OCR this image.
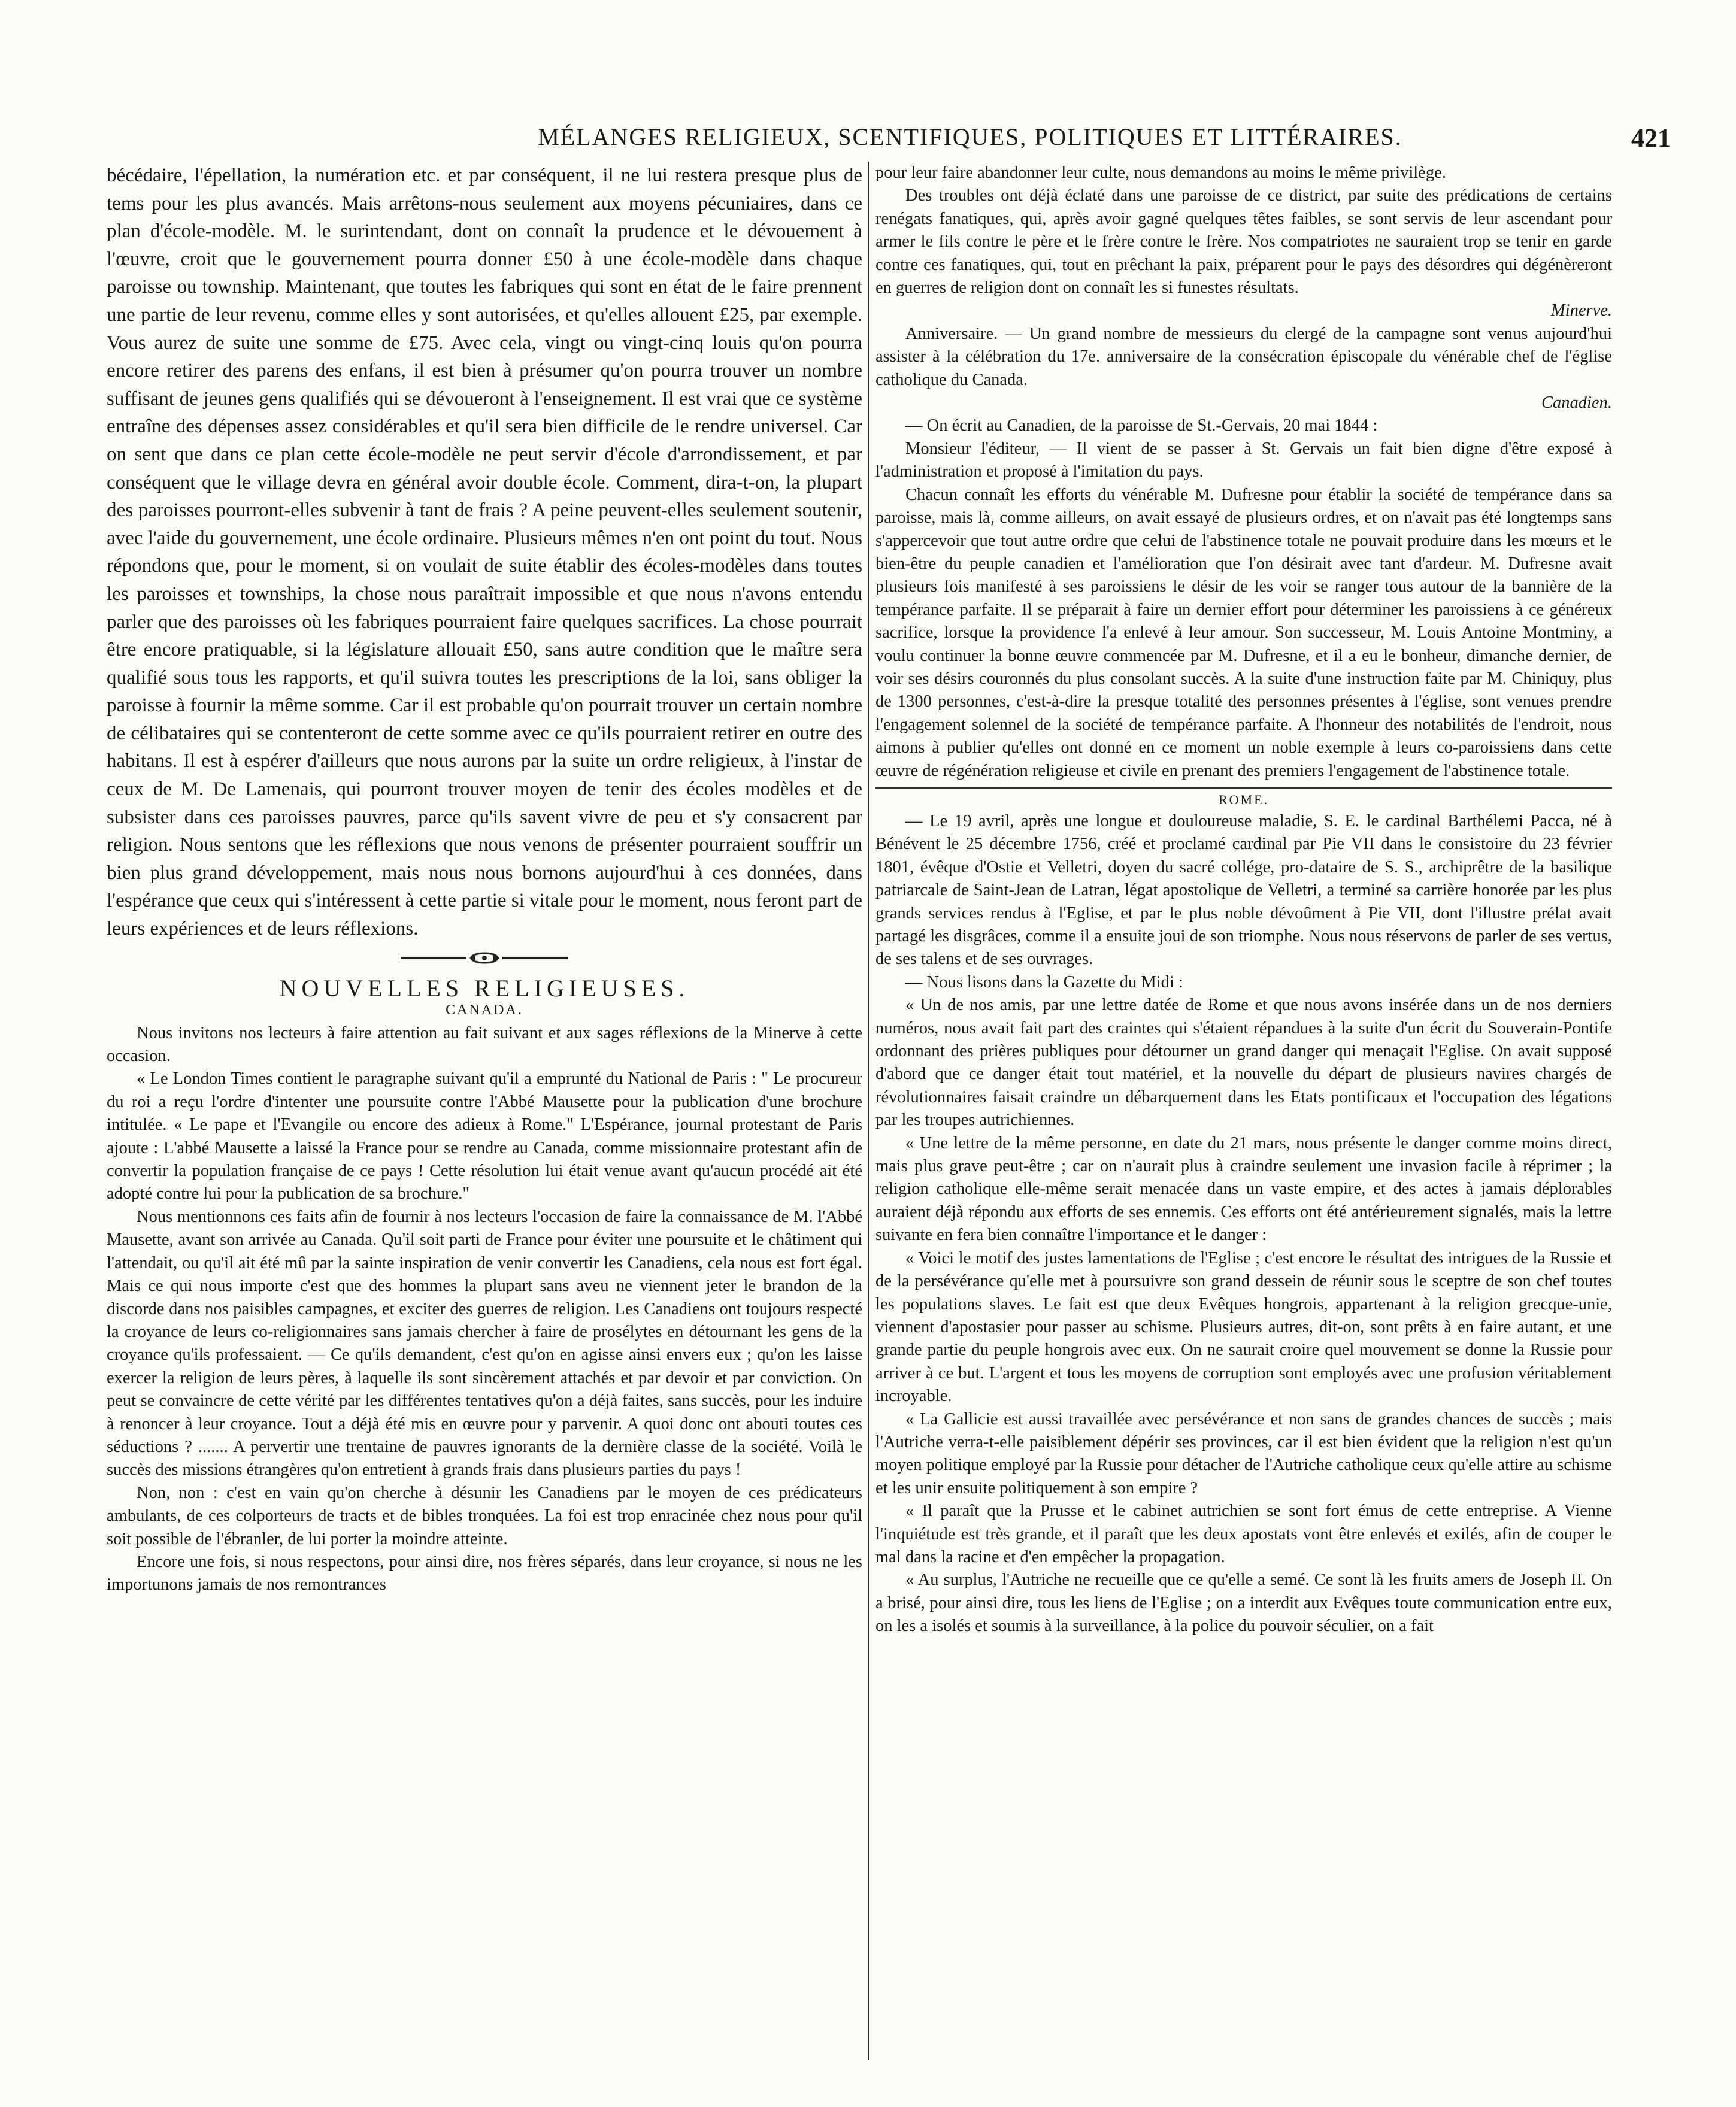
MÉLANGES RELIGIEUX, SCENTIFIQUES, POLITIQUES ET LITTÉRAIRES.	421

bécédaire, l'épellation, la numération etc. et par conséquent, il ne lui restera presque plus de tems pour les plus avancés. Mais arrêtons-nous seulement aux moyens pécuniaires, dans ce plan d'école-modèle. M. le surintendant, dont on connaît la prudence et le dévouement à l'œuvre, croit que le gouvernement pourra donner £50 à une école-modèle dans chaque paroisse ou township. Maintenant, que toutes les fabriques qui sont en état de le faire prennent une partie de leur revenu, comme elles y sont autorisées, et qu'elles allouent £25, par exemple. Vous aurez de suite une somme de £75. Avec cela, vingt ou vingt-cinq louis qu'on pourra encore retirer des parens des enfans, il est bien à présumer qu'on pourra trouver un nombre suffisant de jeunes gens qualifiés qui se dévoueront à l'enseignement. Il est vrai que ce système entraîne des dépenses assez considérables et qu'il sera bien difficile de le rendre universel. Car on sent que dans ce plan cette école-modèle ne peut servir d'école d'arrondissement, et par conséquent que le village devra en général avoir double école. Comment, dira-t-on, la plupart des paroisses pourront-elles subvenir à tant de frais ? A peine peuvent-elles seulement soutenir, avec l'aide du gouvernement, une école ordinaire. Plusieurs mêmes n'en ont point du tout. Nous répondons que, pour le moment, si on voulait de suite établir des écoles-modèles dans toutes les paroisses et townships, la chose nous paraîtrait impossible et que nous n'avons entendu parler que des paroisses où les fabriques pourraient faire quelques sacrifices. La chose pourrait être encore pratiquable, si la législature allouait £50, sans autre condition que le maître sera qualifié sous tous les rapports, et qu'il suivra toutes les prescriptions de la loi, sans obliger la paroisse à fournir la même somme. Car il est probable qu'on pourrait trouver un certain nombre de célibataires qui se contenteront de cette somme avec ce qu'ils pourraient retirer en outre des habitans. Il est à espérer d'ailleurs que nous aurons par la suite un ordre religieux, à l'instar de ceux de M. De Lamenais, qui pourront trouver moyen de tenir des écoles modèles et de subsister dans ces paroisses pauvres, parce qu'ils savent vivre de peu et s'y consacrent par religion. Nous sentons que les réflexions que nous venons de présenter pourraient souffrir un bien plus grand développement, mais nous nous bornons aujourd'hui à ces données, dans l'espérance que ceux qui s'intéressent à cette partie si vitale pour le moment, nous feront part de leurs expériences et de leurs réflexions.

NOUVELLES RELIGIEUSES.
CANADA.

Nous invitons nos lecteurs à faire attention au fait suivant et aux sages réflexions de la Minerve à cette occasion.

« Le London Times contient le paragraphe suivant qu'il a emprunté du National de Paris : " Le procureur du roi a reçu l'ordre d'intenter une poursuite contre l'Abbé Mausette pour la publication d'une brochure intitulée. « Le pape et l'Evangile ou encore des adieux à Rome." L'Espérance, journal protestant de Paris ajoute : L'abbé Mausette a laissé la France pour se rendre au Canada, comme missionnaire protestant afin de convertir la population française de ce pays ! Cette résolution lui était venue avant qu'aucun procédé ait été adopté contre lui pour la publication de sa brochure."

Nous mentionnons ces faits afin de fournir à nos lecteurs l'occasion de faire la connaissance de M. l'Abbé Mausette, avant son arrivée au Canada. Qu'il soit parti de France pour éviter une poursuite et le châtiment qui l'attendait, ou qu'il ait été mû par la sainte inspiration de venir convertir les Canadiens, cela nous est fort égal. Mais ce qui nous importe c'est que des hommes la plupart sans aveu ne viennent jeter le brandon de la discorde dans nos paisibles campagnes, et exciter des guerres de religion. Les Canadiens ont toujours respecté la croyance de leurs co-religionnaires sans jamais chercher à faire de prosélytes en détournant les gens de la croyance qu'ils professaient. — Ce qu'ils demandent, c'est qu'on en agisse ainsi envers eux ; qu'on les laisse exercer la religion de leurs pères, à laquelle ils sont sincèrement attachés et par devoir et par conviction. On peut se convaincre de cette vérité par les différentes tentatives qu'on a déjà faites, sans succès, pour les induire à renoncer à leur croyance. Tout a déjà été mis en œuvre pour y parvenir. A quoi donc ont abouti toutes ces séductions ? ....... A pervertir une trentaine de pauvres ignorants de la dernière classe de la société. Voilà le succès des missions étrangères qu'on entretient à grands frais dans plusieurs parties du pays !

Non, non : c'est en vain qu'on cherche à désunir les Canadiens par le moyen de ces prédicateurs ambulants, de ces colporteurs de tracts et de bibles tronquées. La foi est trop enracinée chez nous pour qu'il soit possible de l'ébranler, de lui porter la moindre atteinte.

Encore une fois, si nous respectons, pour ainsi dire, nos frères séparés, dans leur croyance, si nous ne les importunons jamais de nos remontrances

pour leur faire abandonner leur culte, nous demandons au moins le même privilège.

Des troubles ont déjà éclaté dans une paroisse de ce district, par suite des prédications de certains renégats fanatiques, qui, après avoir gagné quelques têtes faibles, se sont servis de leur ascendant pour armer le fils contre le père et le frère contre le frère. Nos compatriotes ne sauraient trop se tenir en garde contre ces fanatiques, qui, tout en prêchant la paix, préparent pour le pays des désordres qui dégénèreront en guerres de religion dont on connaît les si funestes résultats.

Minerve.

Anniversaire. — Un grand nombre de messieurs du clergé de la campagne sont venus aujourd'hui assister à la célébration du 17e. anniversaire de la consécration épiscopale du vénérable chef de l'église catholique du Canada.

Canadien.

— On écrit au Canadien, de la paroisse de St.-Gervais, 20 mai 1844 :

Monsieur l'éditeur, — Il vient de se passer à St. Gervais un fait bien digne d'être exposé à l'administration et proposé à l'imitation du pays.

Chacun connaît les efforts du vénérable M. Dufresne pour établir la société de tempérance dans sa paroisse, mais là, comme ailleurs, on avait essayé de plusieurs ordres, et on n'avait pas été longtemps sans s'appercevoir que tout autre ordre que celui de l'abstinence totale ne pouvait produire dans les mœurs et le bien-être du peuple canadien et l'amélioration que l'on désirait avec tant d'ardeur. M. Dufresne avait plusieurs fois manifesté à ses paroissiens le désir de les voir se ranger tous autour de la bannière de la tempérance parfaite. Il se préparait à faire un dernier effort pour déterminer les paroissiens à ce généreux sacrifice, lorsque la providence l'a enlevé à leur amour. Son successeur, M. Louis Antoine Montminy, a voulu continuer la bonne œuvre commencée par M. Dufresne, et il a eu le bonheur, dimanche dernier, de voir ses désirs couronnés du plus consolant succès. A la suite d'une instruction faite par M. Chiniquy, plus de 1300 personnes, c'est-à-dire la presque totalité des personnes présentes à l'église, sont venues prendre l'engagement solennel de la société de tempérance parfaite. A l'honneur des notabilités de l'endroit, nous aimons à publier qu'elles ont donné en ce moment un noble exemple à leurs co-paroissiens dans cette œuvre de régénération religieuse et civile en prenant des premiers l'engagement de l'abstinence totale.

ROME.

— Le 19 avril, après une longue et douloureuse maladie, S. E. le cardinal Barthélemi Pacca, né à Bénévent le 25 décembre 1756, créé et proclamé cardinal par Pie VII dans le consistoire du 23 février 1801, évêque d'Ostie et Velletri, doyen du sacré collége, pro-dataire de S. S., archiprêtre de la basilique patriarcale de Saint-Jean de Latran, légat apostolique de Velletri, a terminé sa carrière honorée par les plus grands services rendus à l'Eglise, et par le plus noble dévoûment à Pie VII, dont l'illustre prélat avait partagé les disgrâces, comme il a ensuite joui de son triomphe. Nous nous réservons de parler de ses vertus, de ses talens et de ses ouvrages.

— Nous lisons dans la Gazette du Midi :

« Un de nos amis, par une lettre datée de Rome et que nous avons insérée dans un de nos derniers numéros, nous avait fait part des craintes qui s'étaient répandues à la suite d'un écrit du Souverain-Pontife ordonnant des prières publiques pour détourner un grand danger qui menaçait l'Eglise. On avait supposé d'abord que ce danger était tout matériel, et la nouvelle du départ de plusieurs navires chargés de révolutionnaires faisait craindre un débarquement dans les Etats pontificaux et l'occupation des légations par les troupes autrichiennes.

« Une lettre de la même personne, en date du 21 mars, nous présente le danger comme moins direct, mais plus grave peut-être ; car on n'aurait plus à craindre seulement une invasion facile à réprimer ; la religion catholique elle-même serait menacée dans un vaste empire, et des actes à jamais déplorables auraient déjà répondu aux efforts de ses ennemis. Ces efforts ont été antérieurement signalés, mais la lettre suivante en fera bien connaître l'importance et le danger :

« Voici le motif des justes lamentations de l'Eglise ; c'est encore le résultat des intrigues de la Russie et de la persévérance qu'elle met à poursuivre son grand dessein de réunir sous le sceptre de son chef toutes les populations slaves. Le fait est que deux Evêques hongrois, appartenant à la religion grecque-unie, viennent d'apostasier pour passer au schisme. Plusieurs autres, dit-on, sont prêts à en faire autant, et une grande partie du peuple hongrois avec eux. On ne saurait croire quel mouvement se donne la Russie pour arriver à ce but. L'argent et tous les moyens de corruption sont employés avec une profusion véritablement incroyable.

« La Gallicie est aussi travaillée avec persévérance et non sans de grandes chances de succès ; mais l'Autriche verra-t-elle paisiblement dépérir ses provinces, car il est bien évident que la religion n'est qu'un moyen politique employé par la Russie pour détacher de l'Autriche catholique ceux qu'elle attire au schisme et les unir ensuite politiquement à son empire ?

« Il paraît que la Prusse et le cabinet autrichien se sont fort émus de cette entreprise. A Vienne l'inquiétude est très grande, et il paraît que les deux apostats vont être enlevés et exilés, afin de couper le mal dans la racine et d'en empêcher la propagation.

« Au surplus, l'Autriche ne recueille que ce qu'elle a semé. Ce sont là les fruits amers de Joseph II. On a brisé, pour ainsi dire, tous les liens de l'Eglise ; on a interdit aux Evêques toute communication entre eux, on les a isolés et soumis à la surveillance, à la police du pouvoir séculier, on a fait
